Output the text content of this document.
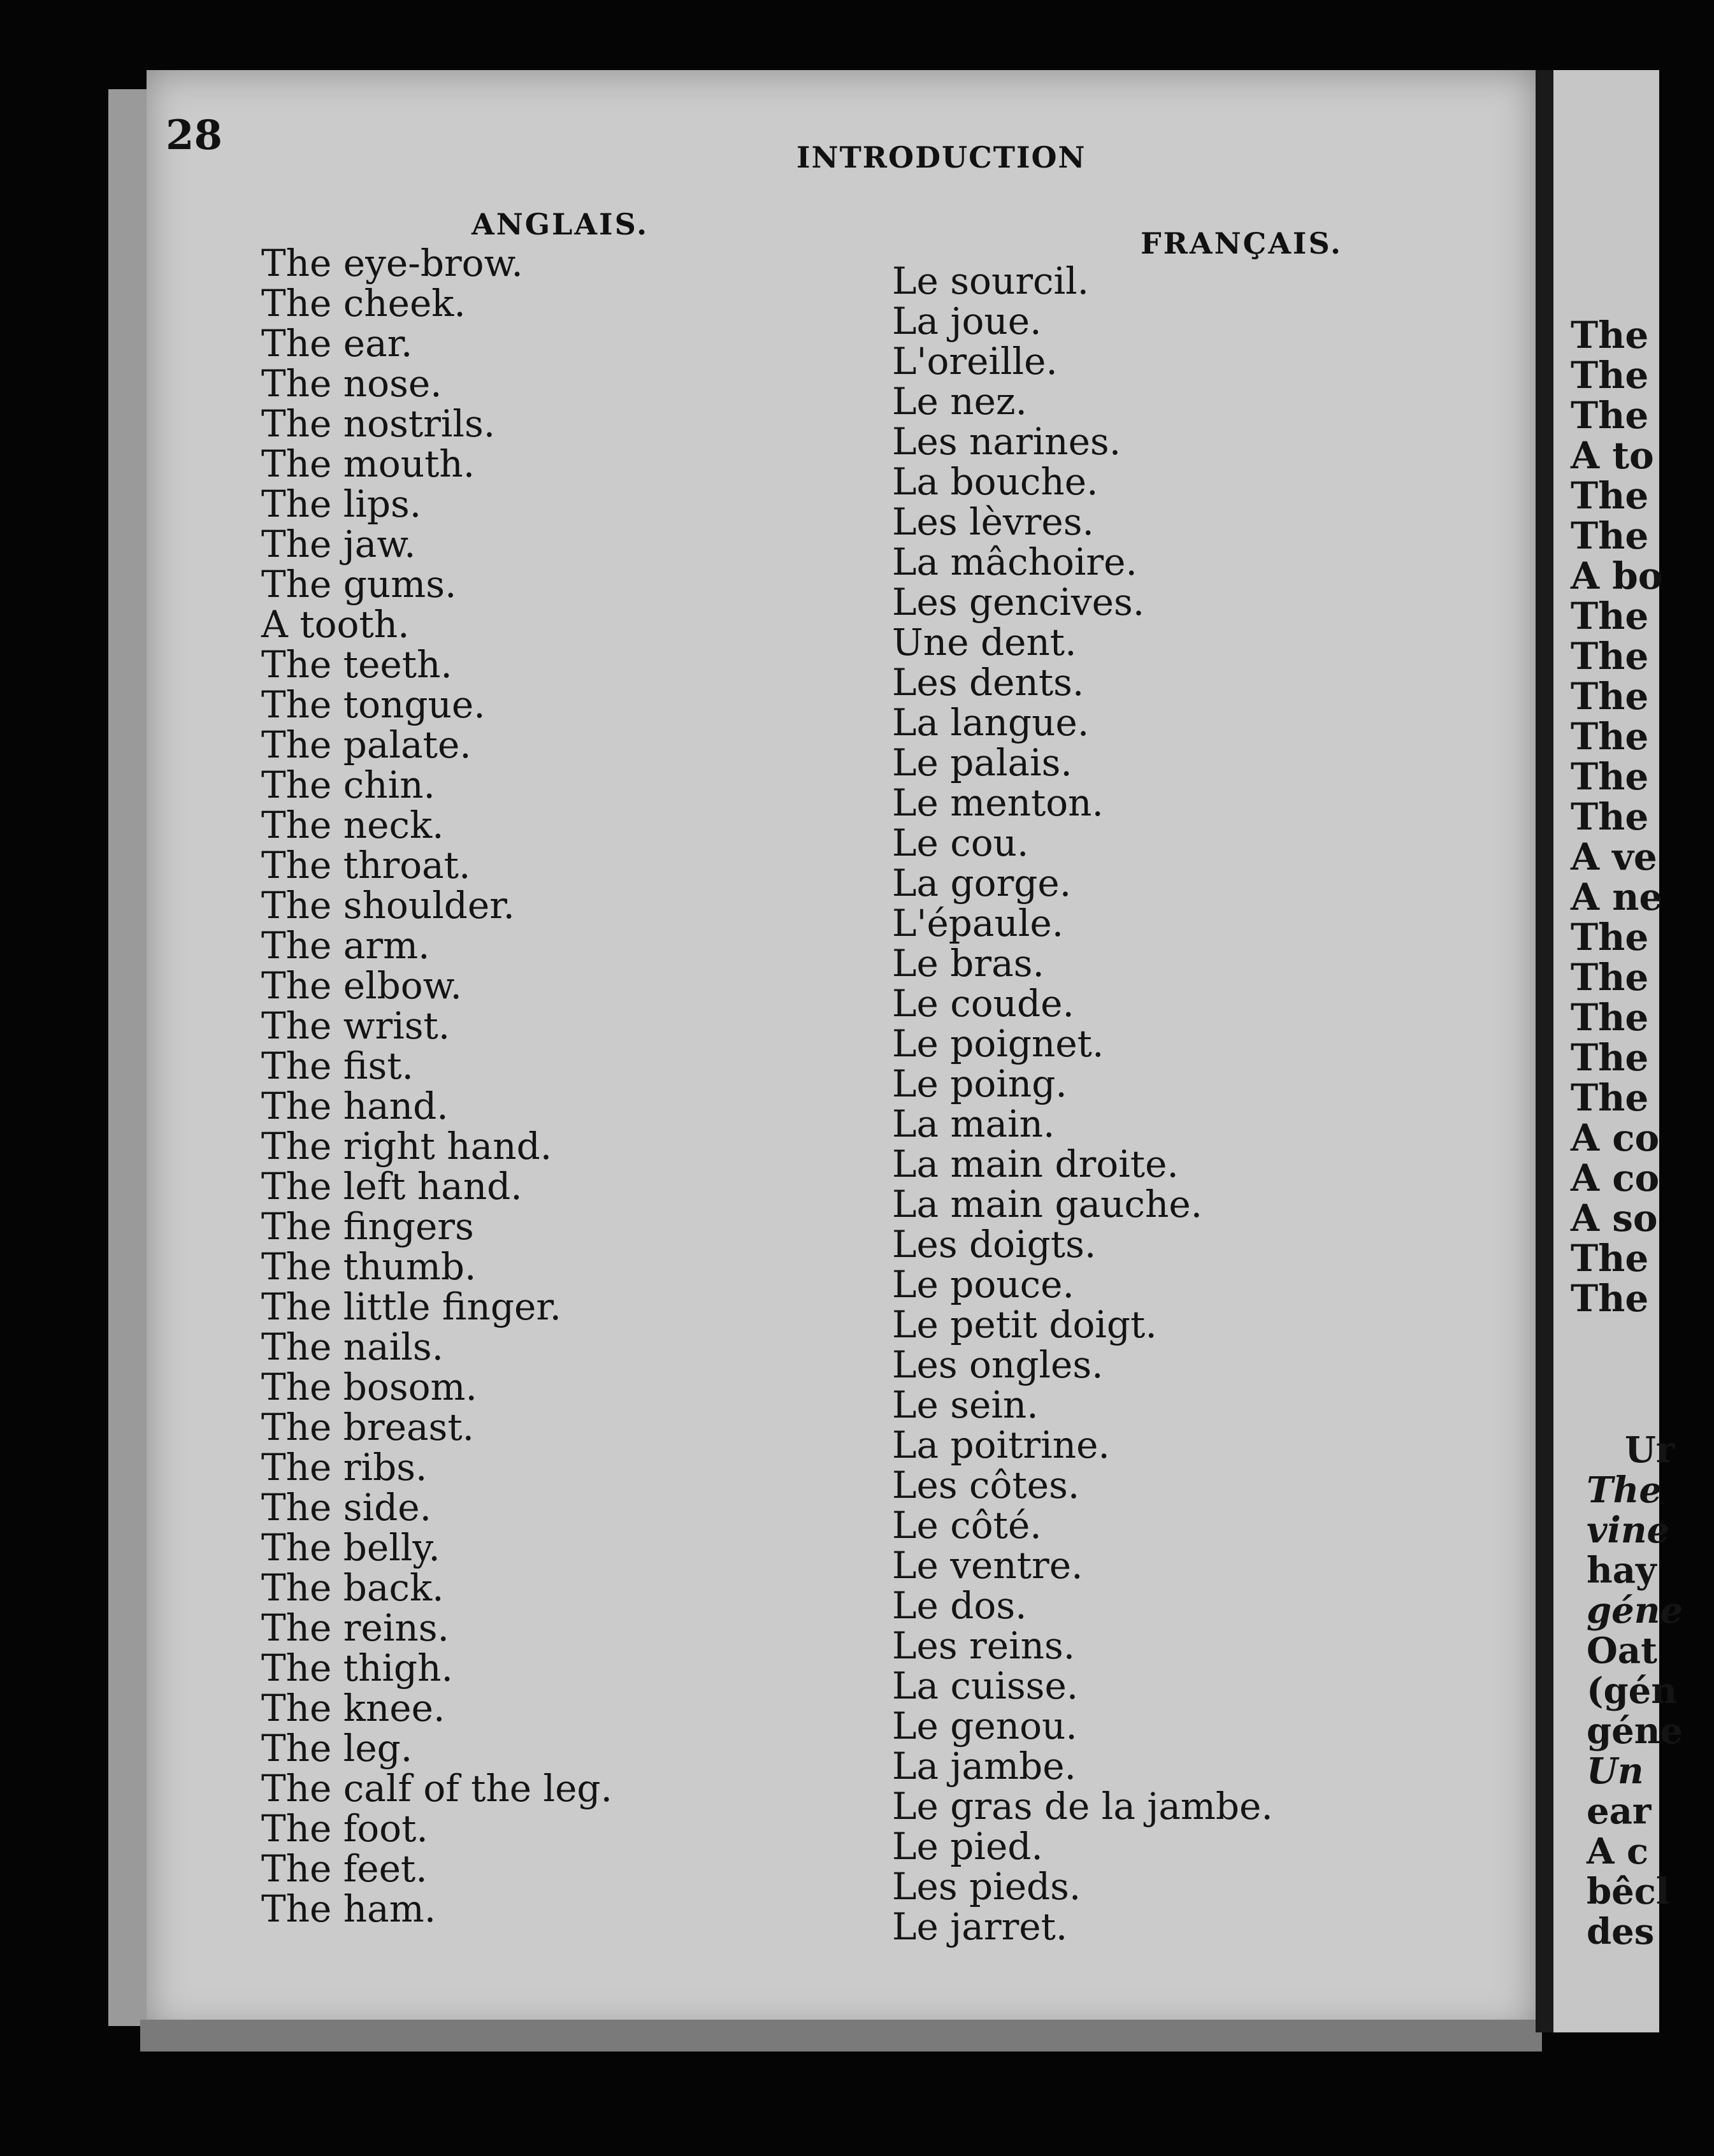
28	INTRODUCTION
ANGLAIS.
FRANÇAIS.
The eye-brow.
The cheek.
The ear.
The nose.
The nostrils.
The mouth.
The lips.
The jaw.
The gums.
A tooth.
The teeth.
The tongue.
The palate.
The chin.
The neck.
The throat.
The shoulder.
The arm.
The elbow.
The wrist.
The fist.
The hand.
The right hand.
The left hand.
The fingers
The thumb.
The little finger.
The nails.
The bosom.
The breast.
The ribs.
The side.
The belly.
The back.
The reins.
The thigh.
The knee.
The leg.
The calf of the leg.
The foot.
The feet.
The ham.
Le sourcil.
La joue.
L'oreille.
Le nez.
Les narines.
La bouche.
Les lèvres.
La mâchoire.
Les gencives.
Une dent.
Les dents.
La langue.
Le palais.
Le menton.
Le cou.
La gorge.
L'épaule.
Le bras.
Le coude.
Le poignet.
Le poing.
La main.
La main droite.
La main gauche.
Les doigts.
Le pouce.
Le petit doigt.
Les ongles.
Le sein.
La poitrine.
Les côtes.
Le côté.
Le ventre.
Le dos.
Les reins.
La cuisse.
Le genou.
La jambe.
Le gras de la jambe.
Le pied.
Les pieds.
Le jarret.
The
The
The
A to
The
The
A bo
The
The
The
The
The
The
A ve
A ne
The
The
The
The
The
A co
A co
A so
The
The
Ur
The
vine
hay
géne
Oat
(gén
géne
Un
ear
A c
bêcl
des
